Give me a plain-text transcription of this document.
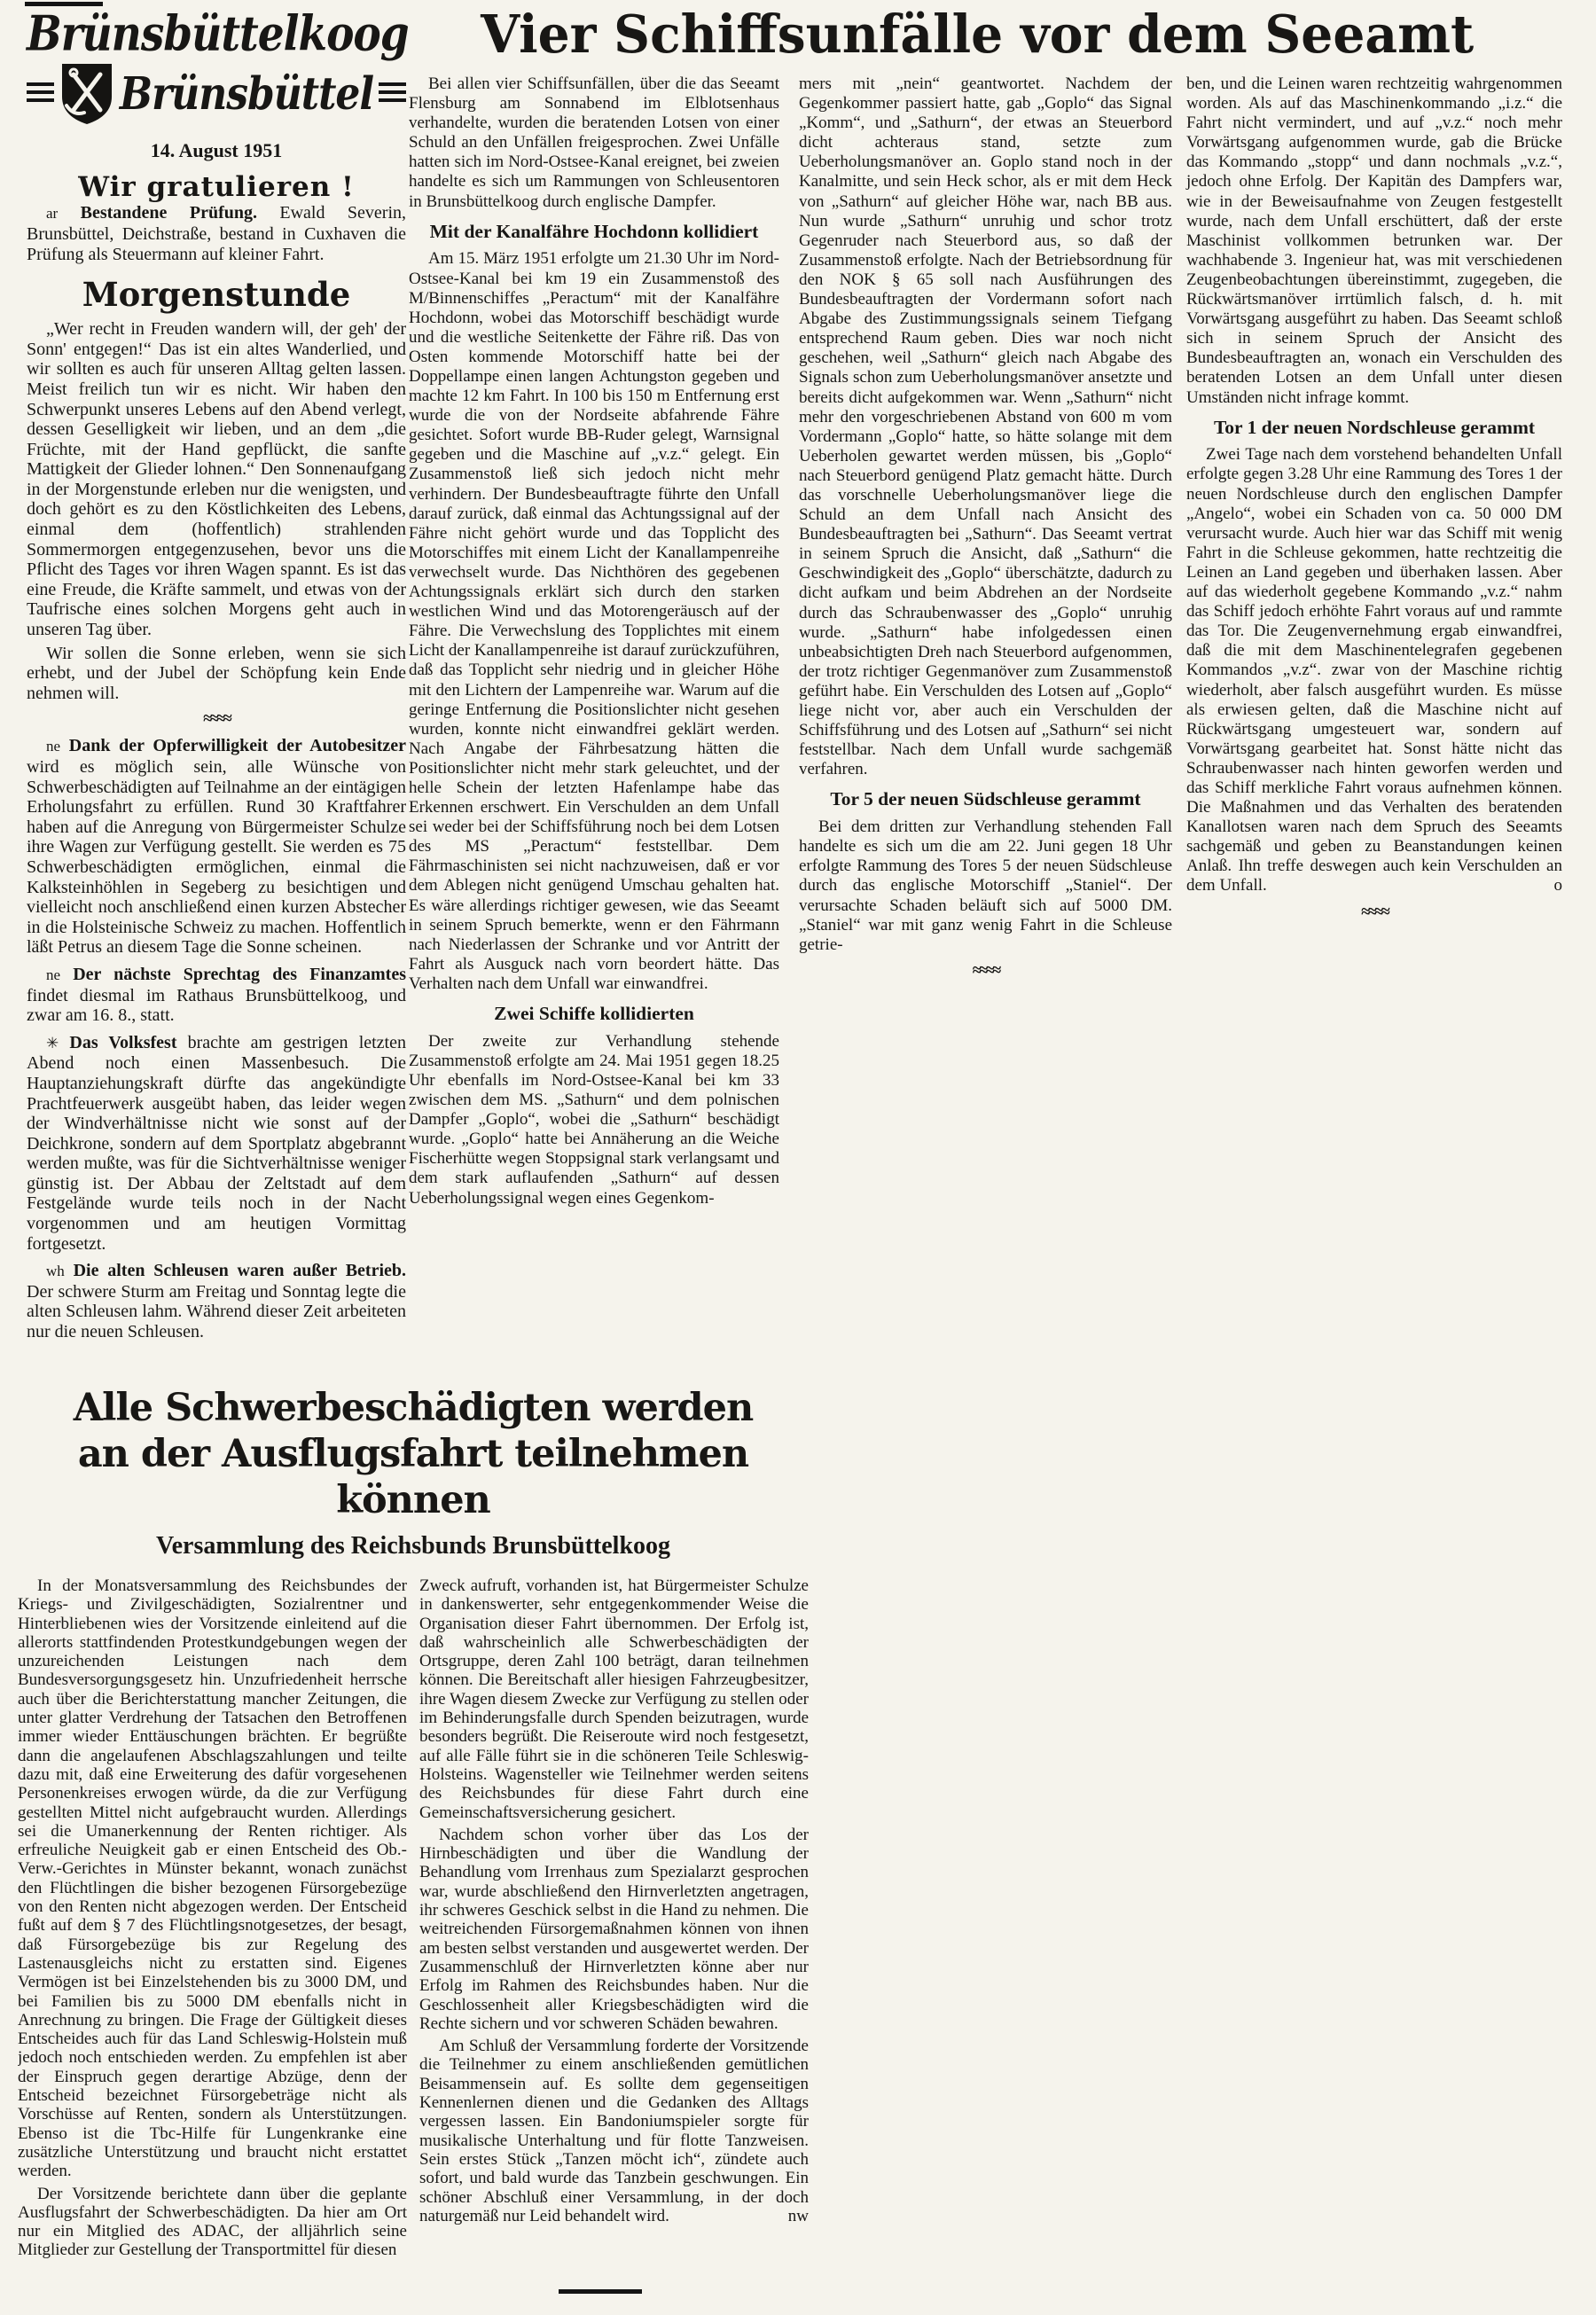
Brünsbüttelkoog
Brünsbüttel
14. August 1951
Wir gratulieren !

ar Bestandene Prüfung. Ewald Severin, Brunsbüttel, Deichstraße, bestand in Cuxhaven die Prüfung als Steuermann auf kleiner Fahrt.

Morgenstunde

„Wer recht in Freuden wandern will, der geh' der Sonn' entgegen!“ Das ist ein altes Wanderlied, und wir sollten es auch für unseren Alltag gelten lassen. Meist freilich tun wir es nicht. Wir haben den Schwerpunkt unseres Lebens auf den Abend verlegt, dessen Geselligkeit wir lieben, und an dem „die Früchte, mit der Hand gepflückt, die sanfte Mattigkeit der Glieder lohnen.“ Den Sonnenaufgang in der Morgenstunde erleben nur die wenigsten, und doch gehört es zu den Köstlichkeiten des Lebens, einmal dem (hoffentlich) strahlenden Sommermorgen entgegenzusehen, bevor uns die Pflicht des Tages vor ihren Wagen spannt. Es ist das eine Freude, die Kräfte sammelt, und etwas von der Taufrische eines solchen Morgens geht auch in unseren Tag über.

Wir sollen die Sonne erleben, wenn sie sich erhebt, und der Jubel der Schöpfung kein Ende nehmen will.

≈≈≈≈

ne Dank der Opferwilligkeit der Autobesitzer wird es möglich sein, alle Wünsche von Schwerbeschädigten auf Teilnahme an der eintägigen Erholungsfahrt zu erfüllen. Rund 30 Kraftfahrer haben auf die Anregung von Bürgermeister Schulze ihre Wagen zur Verfügung gestellt. Sie werden es 75 Schwerbeschädigten ermöglichen, einmal die Kalksteinhöhlen in Segeberg zu besichtigen und vielleicht noch anschließend einen kurzen Abstecher in die Holsteinische Schweiz zu machen. Hoffentlich läßt Petrus an diesem Tage die Sonne scheinen.

ne Der nächste Sprechtag des Finanzamtes findet diesmal im Rathaus Brunsbüttelkoog, und zwar am 16. 8., statt.

✳ Das Volksfest brachte am gestrigen letzten Abend noch einen Massenbesuch. Die Hauptanziehungskraft dürfte das angekündigte Prachtfeuerwerk ausgeübt haben, das leider wegen der Windverhältnisse nicht wie sonst auf der Deichkrone, sondern auf dem Sportplatz abgebrannt werden mußte, was für die Sichtverhältnisse weniger günstig ist. Der Abbau der Zeltstadt auf dem Festgelände wurde teils noch in der Nacht vorgenommen und am heutigen Vormittag fortgesetzt.

wh Die alten Schleusen waren außer Betrieb. Der schwere Sturm am Freitag und Sonntag legte die alten Schleusen lahm. Während dieser Zeit arbeiteten nur die neuen Schleusen.

Vier Schiffsunfälle vor dem Seeamt

Bei allen vier Schiffsunfällen, über die das Seeamt Flensburg am Sonnabend im Elblotsenhaus verhandelte, wurden die beratenden Lotsen von einer Schuld an den Unfällen freigesprochen. Zwei Unfälle hatten sich im Nord-Ostsee-Kanal ereignet, bei zweien handelte es sich um Rammungen von Schleusentoren in Brunsbüttelkoog durch englische Dampfer.

Mit der Kanalfähre Hochdonn kollidiert

Am 15. März 1951 erfolgte um 21.30 Uhr im Nord-Ostsee-Kanal bei km 19 ein Zusammenstoß des M/Binnenschiffes „Peractum“ mit der Kanalfähre Hochdonn, wobei das Motorschiff beschädigt wurde und die westliche Seitenkette der Fähre riß. Das von Osten kommende Motorschiff hatte bei der Doppellampe einen langen Achtungston gegeben und machte 12 km Fahrt. In 100 bis 150 m Entfernung erst wurde die von der Nordseite abfahrende Fähre gesichtet. Sofort wurde BB-Ruder gelegt, Warnsignal gegeben und die Maschine auf „v.z.“ gelegt. Ein Zusammenstoß ließ sich jedoch nicht mehr verhindern. Der Bundesbeauftragte führte den Unfall darauf zurück, daß einmal das Achtungssignal auf der Fähre nicht gehört wurde und das Topplicht des Motorschiffes mit einem Licht der Kanallampenreihe verwechselt wurde. Das Nichthören des gegebenen Achtungssignals erklärt sich durch den starken westlichen Wind und das Motorengeräusch auf der Fähre. Die Verwechslung des Topplichtes mit einem Licht der Kanallampenreihe ist darauf zurückzuführen, daß das Topplicht sehr niedrig und in gleicher Höhe mit den Lichtern der Lampenreihe war. Warum auf die geringe Entfernung die Positionslichter nicht gesehen wurden, konnte nicht einwandfrei geklärt werden. Nach Angabe der Fährbesatzung hätten die Positionslichter nicht mehr stark geleuchtet, und der helle Schein der letzten Hafenlampe habe das Erkennen erschwert. Ein Verschulden an dem Unfall sei weder bei der Schiffsführung noch bei dem Lotsen des MS „Peractum“ feststellbar. Dem Fährmaschinisten sei nicht nachzuweisen, daß er vor dem Ablegen nicht genügend Umschau gehalten hat. Es wäre allerdings richtiger gewesen, wie das Seeamt in seinem Spruch bemerkte, wenn er den Fährmann nach Niederlassen der Schranke und vor Antritt der Fahrt als Ausguck nach vorn beordert hätte. Das Verhalten nach dem Unfall war einwandfrei.

Zwei Schiffe kollidierten

Der zweite zur Verhandlung stehende Zusammenstoß erfolgte am 24. Mai 1951 gegen 18.25 Uhr ebenfalls im Nord-Ostsee-Kanal bei km 33 zwischen dem MS. „Sathurn“ und dem polnischen Dampfer „Goplo“, wobei die „Sathurn“ beschädigt wurde. „Goplo“ hatte bei Annäherung an die Weiche Fischerhütte wegen Stoppsignal stark verlangsamt und dem stark auflaufenden „Sathurn“ auf dessen Ueberholungssignal wegen eines Gegenkom-

mers mit „nein“ geantwortet. Nachdem der Gegenkommer passiert hatte, gab „Goplo“ das Signal „Komm“, und „Sathurn“, der etwas an Steuerbord dicht achteraus stand, setzte zum Ueberholungsmanöver an. Goplo stand noch in der Kanalmitte, und sein Heck schor, als er mit dem Heck von „Sathurn“ auf gleicher Höhe war, nach BB aus. Nun wurde „Sathurn“ unruhig und schor trotz Gegenruder nach Steuerbord aus, so daß der Zusammenstoß erfolgte. Nach der Betriebsordnung für den NOK § 65 soll nach Ausführungen des Bundesbeauftragten der Vordermann sofort nach Abgabe des Zustimmungssignals seinem Tiefgang entsprechend Raum geben. Dies war noch nicht geschehen, weil „Sathurn“ gleich nach Abgabe des Signals schon zum Ueberholungsmanöver ansetzte und bereits dicht aufgekommen war. Wenn „Sathurn“ nicht mehr den vorgeschriebenen Abstand von 600 m vom Vordermann „Goplo“ hatte, so hätte solange mit dem Ueberholen gewartet werden müssen, bis „Goplo“ nach Steuerbord genügend Platz gemacht hätte. Durch das vorschnelle Ueberholungsmanöver liege die Schuld an dem Unfall nach Ansicht des Bundesbeauftragten bei „Sathurn“. Das Seeamt vertrat in seinem Spruch die Ansicht, daß „Sathurn“ die Geschwindigkeit des „Goplo“ überschätzte, dadurch zu dicht aufkam und beim Abdrehen an der Nordseite durch das Schraubenwasser des „Goplo“ unruhig wurde. „Sathurn“ habe infolgedessen einen unbeabsichtigten Dreh nach Steuerbord aufgenommen, der trotz richtiger Gegenmanöver zum Zusammenstoß geführt habe. Ein Verschulden des Lotsen auf „Goplo“ liege nicht vor, aber auch ein Verschulden der Schiffsführung und des Lotsen auf „Sathurn“ sei nicht feststellbar. Nach dem Unfall wurde sachgemäß verfahren.

Tor 5 der neuen Südschleuse gerammt

Bei dem dritten zur Verhandlung stehenden Fall handelte es sich um die am 22. Juni gegen 18 Uhr erfolgte Rammung des Tores 5 der neuen Südschleuse durch das englische Motorschiff „Staniel“. Der verursachte Schaden beläuft sich auf 5000 DM. „Staniel“ war mit ganz wenig Fahrt in die Schleuse getrie-

≈≈≈≈

ben, und die Leinen waren rechtzeitig wahrgenommen worden. Als auf das Maschinenkommando „i.z.“ die Fahrt nicht vermindert, und auf „v.z.“ noch mehr Vorwärtsgang aufgenommen wurde, gab die Brücke das Kommando „stopp“ und dann nochmals „v.z.“, jedoch ohne Erfolg. Der Kapitän des Dampfers war, wie in der Beweisaufnahme von Zeugen festgestellt wurde, nach dem Unfall erschüttert, daß der erste Maschinist vollkommen betrunken war. Der wachhabende 3. Ingenieur hat, was mit verschiedenen Zeugenbeobachtungen übereinstimmt, zugegeben, die Rückwärtsmanöver irrtümlich falsch, d. h. mit Vorwärtsgang ausgeführt zu haben. Das Seeamt schloß sich in seinem Spruch der Ansicht des Bundesbeauftragten an, wonach ein Verschulden des beratenden Lotsen an dem Unfall unter diesen Umständen nicht infrage kommt.

Tor 1 der neuen Nordschleuse gerammt

Zwei Tage nach dem vorstehend behandelten Unfall erfolgte gegen 3.28 Uhr eine Rammung des Tores 1 der neuen Nordschleuse durch den englischen Dampfer „Angelo“, wobei ein Schaden von ca. 50 000 DM verursacht wurde. Auch hier war das Schiff mit wenig Fahrt in die Schleuse gekommen, hatte rechtzeitig die Leinen an Land gegeben und überhaken lassen. Aber auf das wiederholt gegebene Kommando „v.z.“ nahm das Schiff jedoch erhöhte Fahrt voraus auf und rammte das Tor. Die Zeugenvernehmung ergab einwandfrei, daß die mit dem Maschinentelegrafen gegebenen Kommandos „v.z“. zwar von der Maschine richtig wiederholt, aber falsch ausgeführt wurden. Es müsse als erwiesen gelten, daß die Maschine nicht auf Rückwärtsgang umgesteuert war, sondern auf Vorwärtsgang gearbeitet hat. Sonst hätte nicht das Schraubenwasser nach hinten geworfen werden und das Schiff merkliche Fahrt voraus aufnehmen können. Die Maßnahmen und das Verhalten des beratenden Kanallotsen waren nach dem Spruch des Seeamts sachgemäß und geben zu Beanstandungen keinen Anlaß. Ihn treffe deswegen auch kein Verschulden an dem Unfall.	o

≈≈≈≈
Alle Schwerbeschädigten werden
an der Ausflugsfahrt teilnehmen können
Versammlung des Reichsbunds Brunsbüttelkoog

In der Monatsversammlung des Reichsbundes der Kriegs- und Zivilgeschädigten, Sozialrentner und Hinterbliebenen wies der Vorsitzende einleitend auf die allerorts stattfindenden Protestkundgebungen wegen der unzureichenden Leistungen nach dem Bundesversorgungsgesetz hin. Unzufriedenheit herrsche auch über die Berichterstattung mancher Zeitungen, die unter glatter Verdrehung der Tatsachen den Betroffenen immer wieder Enttäuschungen brächten. Er begrüßte dann die angelaufenen Abschlagszahlungen und teilte dazu mit, daß eine Erweiterung des dafür vorgesehenen Personenkreises erwogen würde, da die zur Verfügung gestellten Mittel nicht aufgebraucht wurden. Allerdings sei die Umanerkennung der Renten richtiger. Als erfreuliche Neuigkeit gab er einen Entscheid des Ob.-Verw.-Gerichtes in Münster bekannt, wonach zunächst den Flüchtlingen die bisher bezogenen Fürsorgebezüge von den Renten nicht abgezogen werden. Der Entscheid fußt auf dem § 7 des Flüchtlingsnotgesetzes, der besagt, daß Fürsorgebezüge bis zur Regelung des Lastenausgleichs nicht zu erstatten sind. Eigenes Vermögen ist bei Einzelstehenden bis zu 3000 DM, und bei Familien bis zu 5000 DM ebenfalls nicht in Anrechnung zu bringen. Die Frage der Gültigkeit dieses Entscheides auch für das Land Schleswig-Holstein muß jedoch noch entschieden werden. Zu empfehlen ist aber der Einspruch gegen derartige Abzüge, denn der Entscheid bezeichnet Fürsorgebeträge nicht als Vorschüsse auf Renten, sondern als Unterstützungen. Ebenso ist die Tbc-Hilfe für Lungenkranke eine zusätzliche Unterstützung und braucht nicht erstattet werden.

Der Vorsitzende berichtete dann über die geplante Ausflugsfahrt der Schwerbeschädigten. Da hier am Ort nur ein Mitglied des ADAC, der alljährlich seine Mitglieder zur Gestellung der Transportmittel für diesen

Zweck aufruft, vorhanden ist, hat Bürgermeister Schulze in dankenswerter, sehr entgegenkommender Weise die Organisation dieser Fahrt übernommen. Der Erfolg ist, daß wahrscheinlich alle Schwerbeschädigten der Ortsgruppe, deren Zahl 100 beträgt, daran teilnehmen können. Die Bereitschaft aller hiesigen Fahrzeugbesitzer, ihre Wagen diesem Zwecke zur Verfügung zu stellen oder im Behinderungsfalle durch Spenden beizutragen, wurde besonders begrüßt. Die Reiseroute wird noch festgesetzt, auf alle Fälle führt sie in die schöneren Teile Schleswig-Holsteins. Wagensteller wie Teilnehmer werden seitens des Reichsbundes für diese Fahrt durch eine Gemeinschaftsversicherung gesichert.

Nachdem schon vorher über das Los der Hirnbeschädigten und über die Wandlung der Behandlung vom Irrenhaus zum Spezialarzt gesprochen war, wurde abschließend den Hirnverletzten angetragen, ihr schweres Geschick selbst in die Hand zu nehmen. Die weitreichenden Fürsorgemaßnahmen können von ihnen am besten selbst verstanden und ausgewertet werden. Der Zusammenschluß der Hirnverletzten könne aber nur Erfolg im Rahmen des Reichsbundes haben. Nur die Geschlossenheit aller Kriegsbeschädigten wird die Rechte sichern und vor schweren Schäden bewahren.

Am Schluß der Versammlung forderte der Vorsitzende die Teilnehmer zu einem anschließenden gemütlichen Beisammensein auf. Es sollte dem gegenseitigen Kennenlernen dienen und die Gedanken des Alltags vergessen lassen. Ein Bandoniumspieler sorgte für musikalische Unterhaltung und für flotte Tanzweisen. Sein erstes Stück „Tanzen möcht ich“, zündete auch sofort, und bald wurde das Tanzbein geschwungen. Ein schöner Abschluß einer Versammlung, in der doch naturgemäß nur Leid behandelt wird.	nw
